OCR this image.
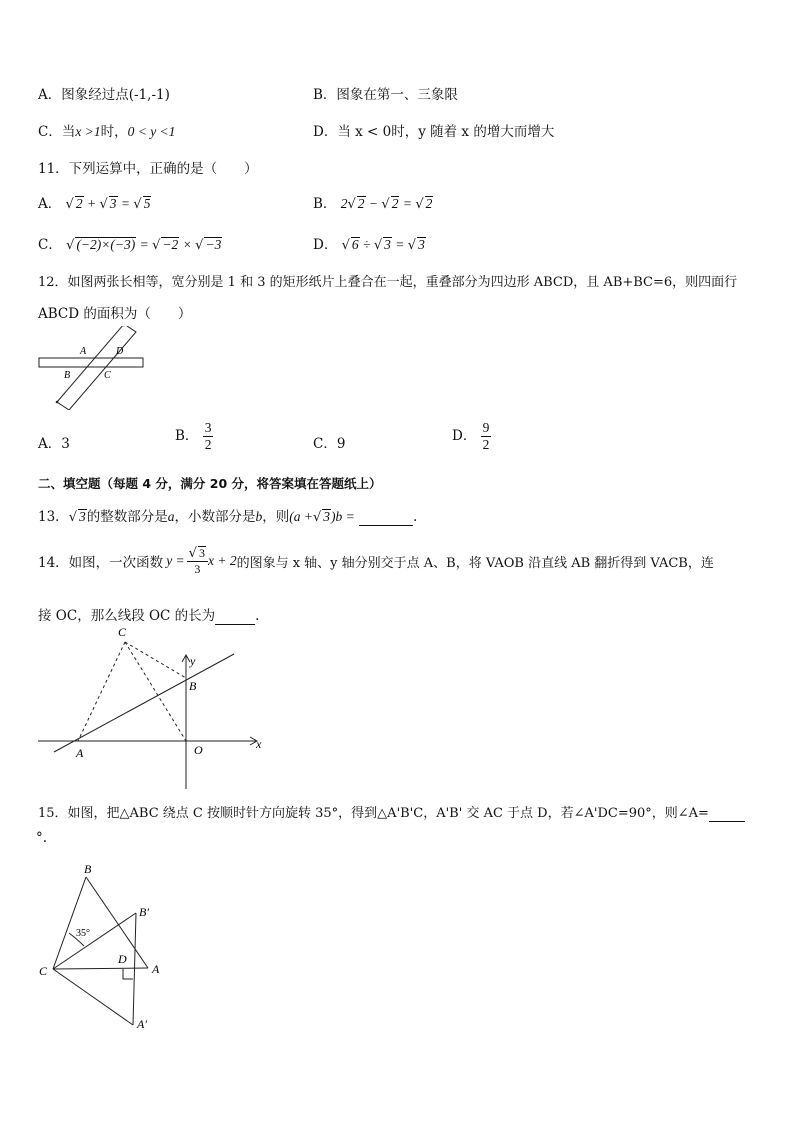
A．图象经过点(-1,-1)	B．图象在第一、三象限
C．当x >1时，0 < y <1	D．当 x < 0时，y 随着 x 的增大而增大
11．下列运算中，正确的是（　　）
A． √ 2 + √ 3 = √ 5	B． 2√ 2 − √ 2 = √ 2
C． √ (−2)×(−3) = √ −2 × √ −3	D． √ 6 ÷ √ 3 = √ 3
12．如图两张长相等，宽分别是 1 和 3 的矩形纸片上叠合在一起，重叠部分为四边形 ABCD，且 AB+BC=6，则四面行
ABCD 的面积为（　　）
A	D
B	C
A．3	B． $\frac{3}{2}$	C．9	D． $\frac{9}{2}$
二、填空题（每题 4 分，满分 20 分，将答案填在答题纸上）
13．√ 3的整数部分是a，小数部分是b，则(a +√ 3)b =	.
14．如图，一次函数 $y = \frac{√ 3}{3}$ x + 2 的图象与 x 轴、y 轴分别交于点 A、B，将 VAOB 沿直线 AB 翻折得到 VACB，连
接 OC，那么线段 OC 的长为	.
C
y
B
A	O	x
15．如图，把△ABC 绕点 C 按顺时针方向旋转 35°，得到△A'B'C，A'B' 交 AC 于点 D，若∠A'DC=90°，则∠A=
°.
B
B′
35°
C
D
A
A′
